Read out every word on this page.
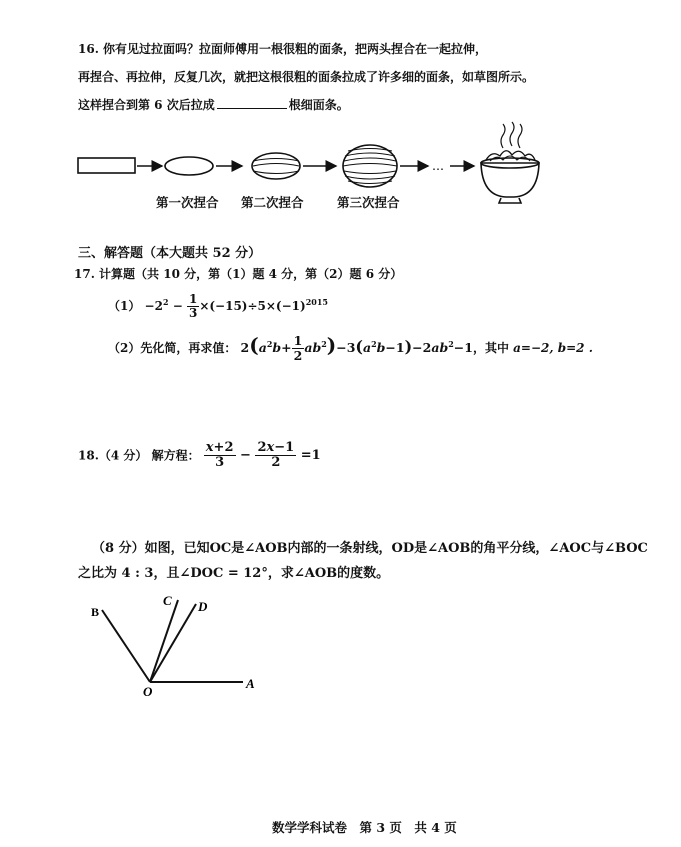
16. 你有见过拉面吗？拉面师傅用一根很粗的面条，把两头捏合在一起拉伸，
再捏合、再拉伸，反复几次，就把这根很粗的面条拉成了许多细的面条，如草图所示。
这样捏合到第 6 次后拉成	根细面条。
…
第一次捏合 第二次捏合	第三次捏合
三、解答题（本大题共 52 分）
17. 计算题（共 10 分，第（1）题 4 分，第（2）题 6 分）
$(1) -2^2 - \frac{1}{3} \times(-15)\div 5\times(-1)^{2015}$
（2）先化简，再求值： $2(a^2b+ \frac{1}{2} ab^2)-3(a^2b-1)-2ab^2-1$，其中 a=−2, b=2 .
18.（4 分） 解方程： $\frac{x+2}{3} - \frac{2x-1}{2} =1$
（8 分）如图，已知OC是∠AOB内部的一条射线，OD是∠AOB的角平分线，∠AOC与∠BOC
之比为 4 : 3，且∠DOC = 12°，求∠AOB的度数。
B
C D
O
A
数学学科试卷　第 3 页　共 4 页
